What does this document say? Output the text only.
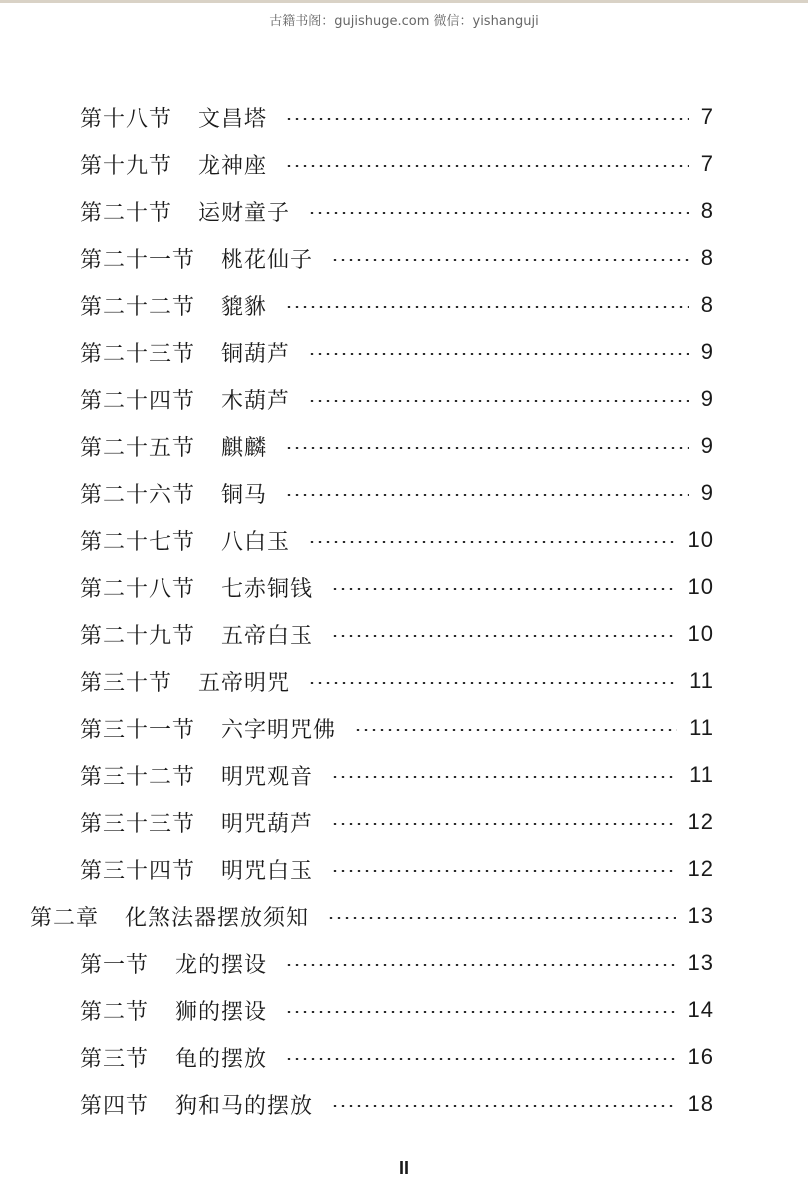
古籍书阁：gujishuge.com 微信：yishanguji
第十八节 文昌塔	7
第十九节 龙神座	7
第二十节 运财童子	8
第二十一节 桃花仙子	8
第二十二节 貔貅	8
第二十三节 铜葫芦	9
第二十四节 木葫芦	9
第二十五节 麒麟	9
第二十六节 铜马	9
第二十七节 八白玉	10
第二十八节 七赤铜钱	10
第二十九节 五帝白玉	10
第三十节 五帝明咒	11
第三十一节 六字明咒佛	11
第三十二节 明咒观音	11
第三十三节 明咒葫芦	12
第三十四节 明咒白玉	12
第二章 化煞法器摆放须知	13
第一节 龙的摆设	13
第二节 狮的摆设	14
第三节 龟的摆放	16
第四节 狗和马的摆放	18
II
